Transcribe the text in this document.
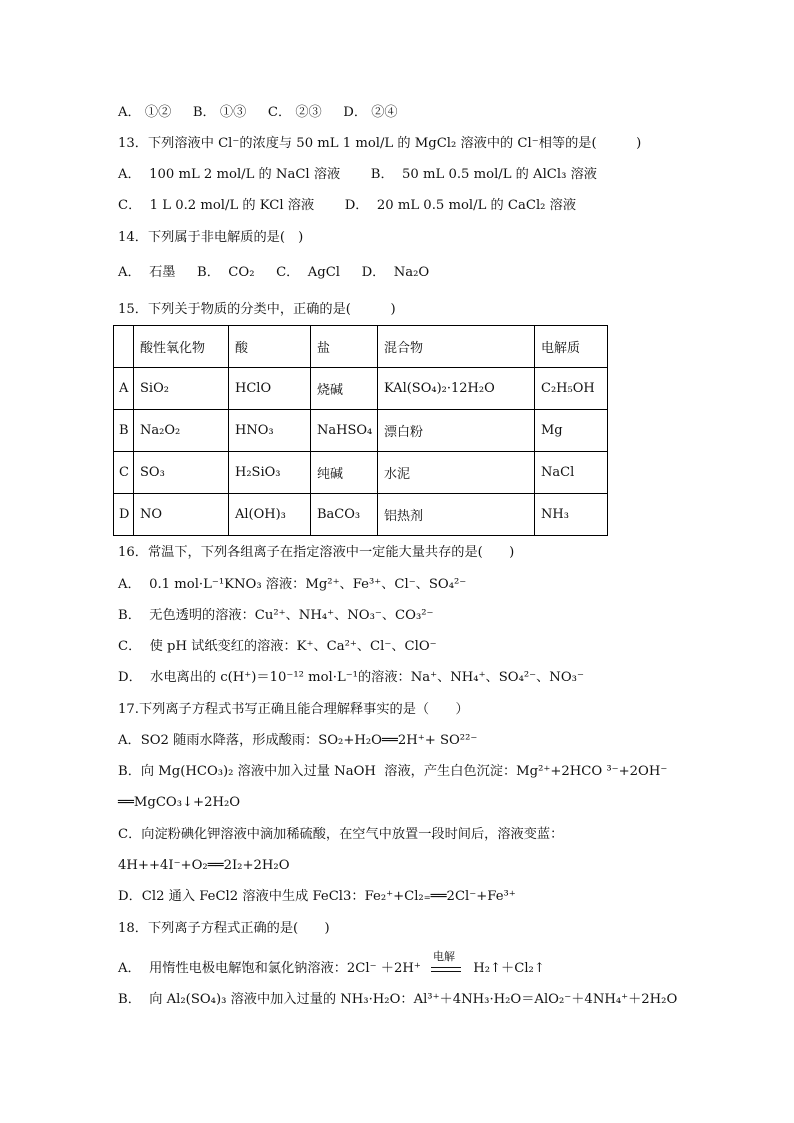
A． ①②　  B． ①③　  C． ②③　  D． ②④
13．下列溶液中 Cl⁻的浓度与 50 mL 1 mol/L 的 MgCl₂ 溶液中的 Cl⁻相等的是(　　　)
A．  100 mL 2 mol/L 的 NaCl 溶液　　 B．  50 mL 0.5 mol/L 的 AlCl₃ 溶液
C．  1 L 0.2 mol/L 的 KCl 溶液　　 D．  20 mL 0.5 mol/L 的 CaCl₂ 溶液
14．下列属于非电解质的是(　)
A．  石墨　  B．  CO₂　  C．  AgCl　  D．  Na₂O
15．下列关于物质的分类中，正确的是(　　　)
	酸性氧化物	酸	盐	混合物	电解质
A	SiO₂	HClO	烧碱	KAl(SO₄)₂·12H₂O	C₂H₅OH
B	Na₂O₂	HNO₃	NaHSO₄	漂白粉	Mg
C	SO₃	H₂SiO₃	纯碱	水泥	NaCl
D	NO	Al(OH)₃	BaCO₃	铝热剂	NH₃
16．常温下，下列各组离子在指定溶液中一定能大量共存的是(　　)
A．  0.1 mol·L⁻¹KNO₃ 溶液：Mg²⁺、Fe³⁺、Cl⁻、SO₄²⁻
B．  无色透明的溶液：Cu²⁺、NH₄⁺、NO₃⁻、CO₃²⁻
C．  使 pH 试纸变红的溶液：K⁺、Ca²⁺、Cl⁻、ClO⁻
D．  水电离出的 c(H⁺)＝10⁻¹² mol·L⁻¹的溶液：Na⁺、NH₄⁺、SO₄²⁻、NO₃⁻
17.下列离子方程式书写正确且能合理解释事实的是（　　）
A．SO2 随雨水降落，形成酸雨：SO₂+H₂O══2H⁺+ SO²²⁻
B．向 Mg(HCO₃)₂ 溶液中加入过量 NaOH  溶液，产生白色沉淀：Mg²⁺+2HCO ³⁻+2OH⁻
══MgCO₃↓+2H₂O
C．向淀粉碘化钾溶液中滴加稀硫酸，在空气中放置一段时间后，溶液变蓝：
4H++4I⁻+O₂══2I₂+2H₂O
D．Cl2 通入 FeCl2 溶液中生成 FeCl3：Fe₂⁺+Cl₂₌══2Cl⁻+Fe³⁺
18．下列离子方程式正确的是(　　)
A．  用惰性电极电解饱和氯化钠溶液：2Cl⁻ ＋2H⁺

电解

H₂↑＋Cl₂↑
B．  向 Al₂(SO₄)₃ 溶液中加入过量的 NH₃·H₂O：Al³⁺＋4NH₃·H₂O＝AlO₂⁻＋4NH₄⁺＋2H₂O
